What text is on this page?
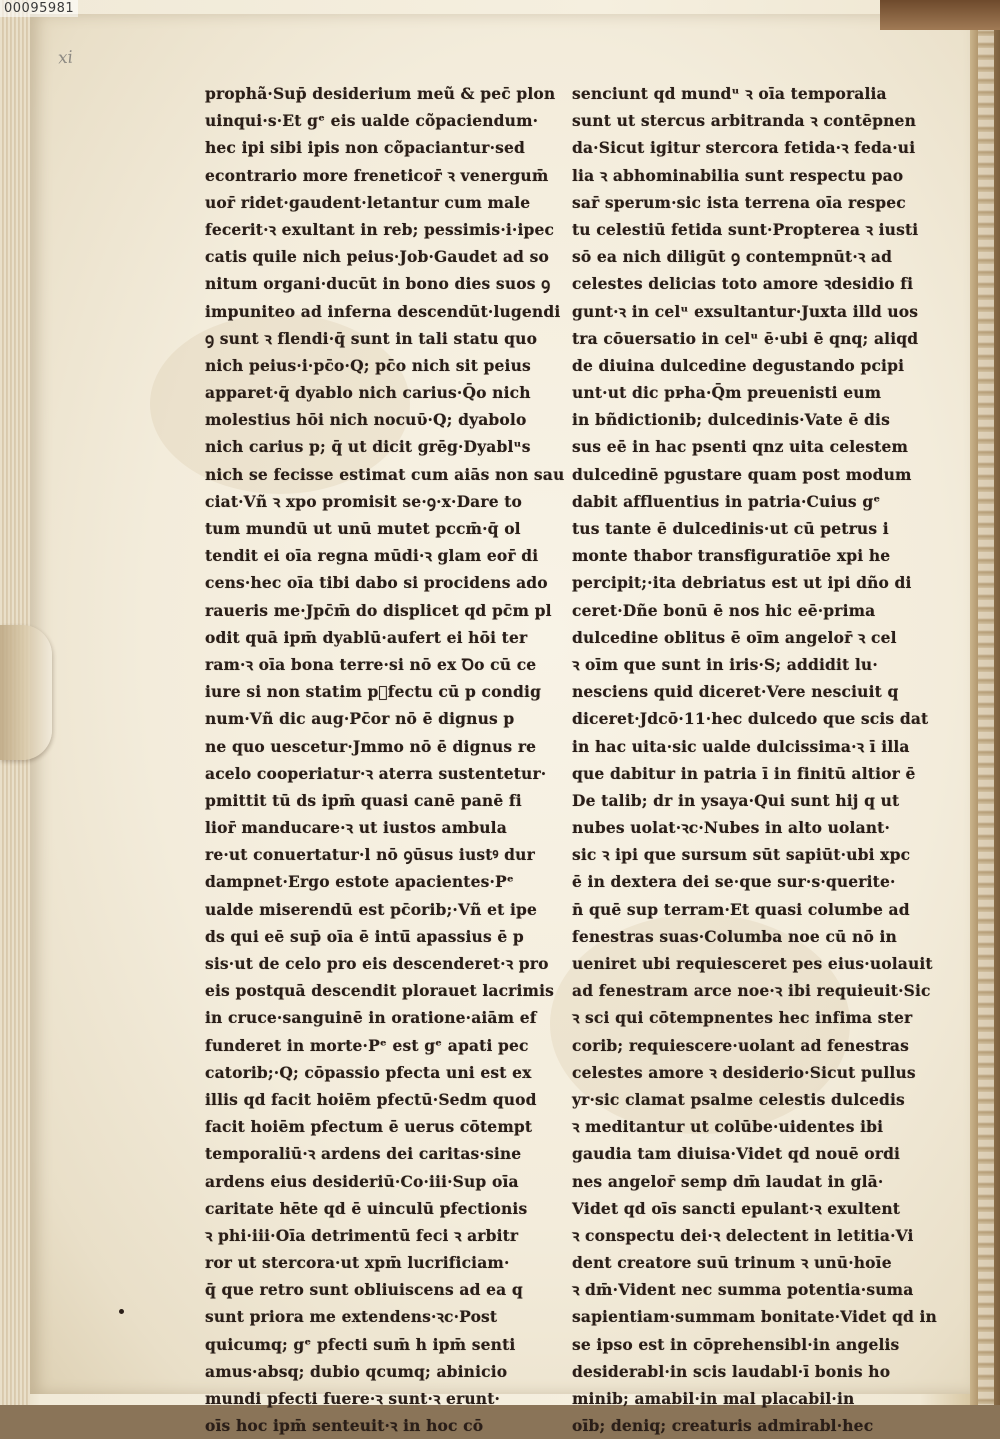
00095981
xi
prophã·Sup̄ desiderium meũ & pec̄ plon
uinqui·s·Et gᵉ eis ualde cõpaciendum·
hec ipi sibi ipis non cõpaciantur·sed
econtrario more freneticor̄ ꝛ venergum̄
uor̄ ridet·gaudent·letantur cum male
fecerit·ꝛ exultant in reb; pessimis·i·ipec
catis quile nich peius·Job·Gaudet ad so
nitum organi·ducūt in bono dies suos ꝯ
impuniteo ad inferna descendūt·lugendi
ꝯ sunt ꝛ flendi·q̄ sunt in tali statu quo
nich peius·i·pc̄o·Q; pc̄o nich sit peius
apparet·q̄ dyablo nich carius·Q̄o nich
molestius hōi nich nocuῡ·Q; dyabolo
nich carius p; q̄ ut dicit grēg·Dyablᵘs
nich se fecisse estimat cum aiās non sau
ciat·Vñ ꝛ xpo promisit se·ꝯ·x·Dare to
tum mundū ut unū mutet pccm̄·q̄ ol
tendit ei oīa regna mūdi·ꝛ glam eor̄ di
cens·hec oīa tibi dabo si procidens ado
raueris me·Jpc̄m̄ do displicet qd pc̄m pl
odit quā ipm̄ dyablū·aufert ei hōi ter
ram·ꝛ oīa bona terre·si nō ex Ꝺo cū ce
iure si non statim pᷓfectu cū p condig
num·Vñ dic aug·Pc̄or nō ē dignus p
ne quo uescetur·Jmmo nō ē dignus re
acelo cooperiatur·ꝛ aterra sustentetur·
pmittit tū ds ipm̄ quasi canē panē fi
lior̄ manducare·ꝛ ut iustos ambula
re·ut conuertatur·l nō ꝯūsus iustꝰ dur
dampnet·Ergo estote apacientes·Pᵉ
ualde miserendū est pc̄orib;·Vñ et ipe
ds qui eē sup̄ oīa ē intū̄ apassius ē p
sis·ut de celo pro eis descenderet·ꝛ pro
eis postquā descendit plorauet lacrimis
in cruce·sanguinē in oratione·aiām ef
funderet in morte·Pᵉ est gᵉ apati pec
catorib;·Q; cōpassio pfecta uni est ex
illis qd facit hoiēm pfectū·Sedm quod
facit hoiēm pfectum ē uerus cōtempt
temporaliū·ꝛ ardens dei caritas·sine
ardens eius desideriū·Co·iii·Sup oīa
caritate hēte qd ē uinculū pfectionis
ꝛ phi·iii·Oīa detrimentū feci ꝛ arbitr
ror ut stercora·ut xpm̄ lucrificiam·
q̄ que retro sunt obliuiscens ad ea q
sunt priora me extendens·ꝛc·Post
quicumq; gᵉ pfecti sum̄ h ipm̄ senti
amus·absq; dubio qcumq; abinicio
mundi pfecti fuere·ꝛ sunt·ꝛ erunt·
oīs hoc ipm̄ senteuit·ꝛ in hoc cō
senciunt qd mundᵘ ꝛ oīa temporalia
sunt ut stercus arbitranda ꝛ contēpnen
da·Sicut igitur stercora fetida·ꝛ feda·ui
lia ꝛ abhominabilia sunt respectu pao
sar̄ sperum·sic ista terrena oīa respec
tu celestiū fetida sunt·Propterea ꝛ iusti
sō ea nich diligūt ꝯ contempnūt·ꝛ ad
celestes delicias toto amore ꝛdesidio fi
gunt·ꝛ in celᵘ exsultantur·Juxta illd uos
tra cōuersatio in celᵘ ē·ubi ē qnq; aliqd
de diuina dulcedine degustando pcipi
unt·ut dic pᴘha·Q̄m preuenisti eum
in bñdictionib; dulcedinis·Vate ē dis
sus eē in hac psenti qnz uita celestem
dulcedinē pgustare quam post modum
dabit affluentius in patria·Cuius gᵉ
tus tante ē dulcedinis·ut cū petrus i
monte thabor transfiguratiōe xpi he
percipit;·ita debriatus est ut ipi dño di
ceret·Dñe bonū ē nos hic eē·prima
dulcedine oblitus ē oīm angelor̄ ꝛ cel
ꝛ oīm que sunt in iris·S; addidit lu·
nesciens quid diceret·Vere nesciuit q
diceret·Jdcō·11·hec dulcedo que scis dat
in hac uita·sic ualde dulcissima·ꝛ ī illa
que dabitur in patria ī in finitū altior ē
De talib; dr in ysaya·Qui sunt hij q ut
nubes uolat·ꝛc·Nubes in alto uolant·
sic ꝛ ipi que sursum sūt sapiūt·ubi xpc
ē in dextera dei se·que sur·s·querite·
n̄ quē sup terram·Et quasi columbe ad
fenestras suas·Columba noe cū nō in
ueniret ubi requiesceret pes eius·uolauit
ad fenestram arce noe·ꝛ ibi requieuit·Sic
ꝛ sci qui cōtempnentes hec infima ster
corib; requiescere·uolant ad fenestras
celestes amore ꝛ desiderio·Sicut pullus
yr·sic clamat psalme celestis dulcedis
ꝛ meditantur ut colūbe·uidentes ibi
gaudia tam diuisa·Videt qd nouē ordi
nes angelor̄ semp dm̄ laudat in glā·
Videt qd oīs sancti epulant·ꝛ exultent
ꝛ conspectu dei·ꝛ delectent in letitia·Vi
dent creatore suū trinum ꝛ unū·hoīe
ꝛ dm̄·Vident nec summa potentia·suma
sapientiam·summam bonitate·Videt qd in
se ipso est in cōprehensibl·in angelis
desiderabl·in scis laudabl·ī bonis ho
minib; amabil·in mal placabil·in
oīb; deniq; creaturis admirabl·hec
